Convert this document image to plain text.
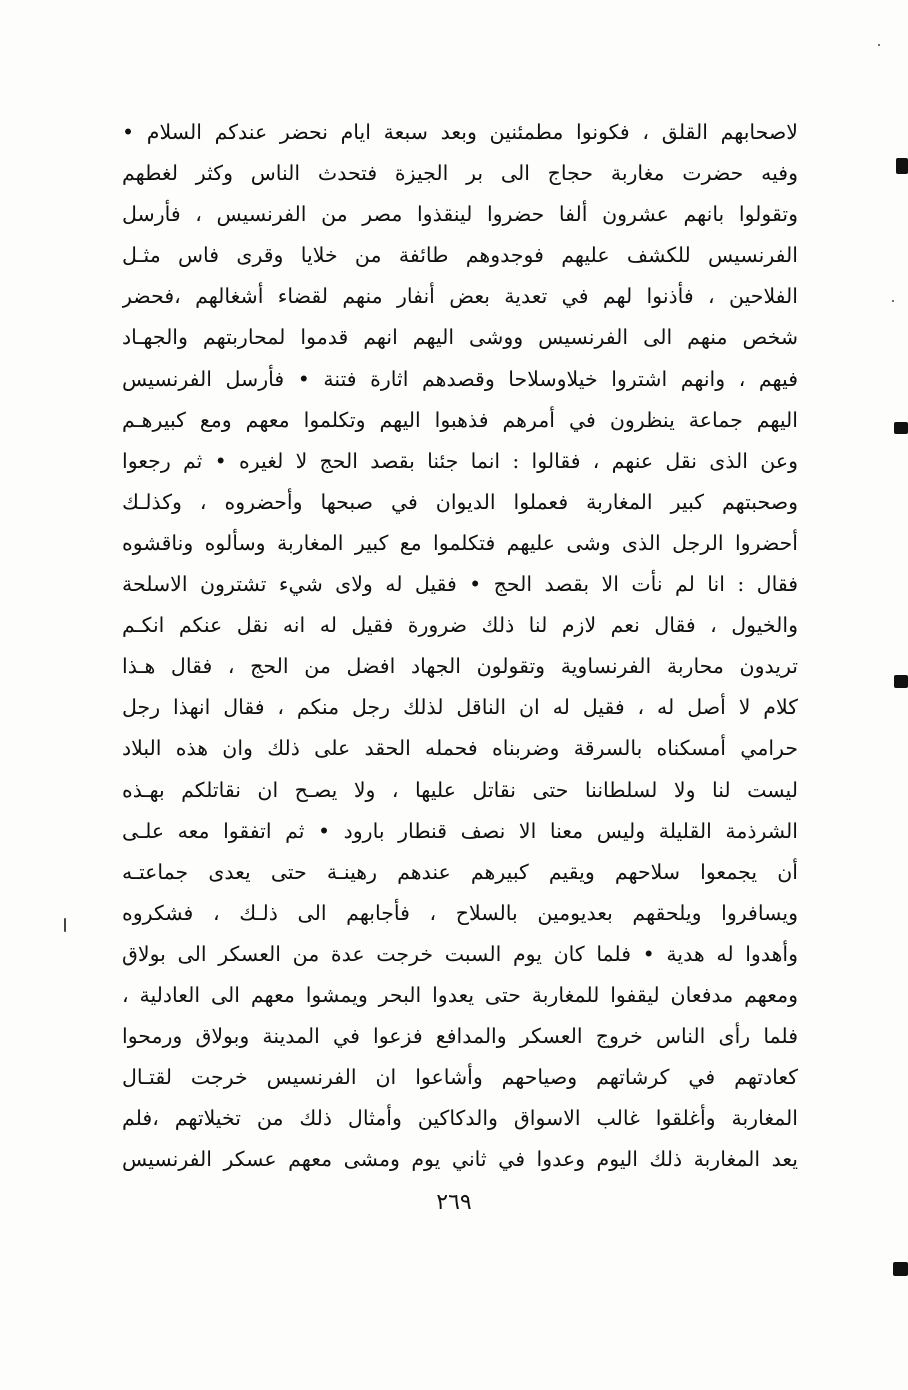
لاصحابهم القلق ، فكونوا مطمئنين وبعد سبعة ايام نحضر عندكم السلام •
وفيه حضرت مغاربة حجاج الى بر الجيزة فتحدث الناس وكثر لغطهم
وتقولوا بانهم عشرون ألفا حضروا لينقذوا مصر من الفرنسيس ، فأرسل
الفرنسيس للكشف عليهم فوجدوهم طائفة من خلايا وقرى فاس مثـل
الفلاحين ، فأذنوا لهم في تعدية بعض أنفار منهم لقضاء أشغالهم ،فحضر
شخص منهم الى الفرنسيس ووشى اليهم انهم قدموا لمحاربتهم والجهـاد
فيهم ، وانهم اشتروا خيلاوسلاحا وقصدهم اثارة فتنة • فأرسل الفرنسيس
اليهم جماعة ينظرون في أمرهم فذهبوا اليهم وتكلموا معهم ومع كبيرهـم
وعن الذى نقل عنهم ، فقالوا : انما جئنا بقصد الحج لا لغيره • ثم رجعوا
وصحبتهم كبير المغاربة فعملوا الديوان في صبحها وأحضروه ، وكذلـك
أحضروا الرجل الذى وشى عليهم فتكلموا مع كبير المغاربة وسألوه وناقشوه
فقال : انا لم نأت الا بقصد الحج • فقيل له ولاى شيء تشترون الاسلحة
والخيول ، فقال نعم لازم لنا ذلك ضرورة فقيل له انه نقل عنكم انكـم
تريدون محاربة الفرنساوية وتقولون الجهاد افضل من الحج ، فقال هـذا
كلام لا أصل له ، فقيل له ان الناقل لذلك رجل منكم ، فقال انهذا رجل
حرامي أمسكناه بالسرقة وضربناه فحمله الحقد على ذلك وان هذه البلاد
ليست لنا ولا لسلطاننا حتى نقاتل عليها ، ولا يصـح ان نقاتلكم بهـذه
الشرذمة القليلة وليس معنا الا نصف قنطار بارود • ثم اتفقوا معه علـى
أن يجمعوا سلاحهم ويقيم كبيرهم عندهم رهينـة حتى يعدى جماعتـه
ويسافروا ويلحقهم بعديومين بالسلاح ، فأجابهم الى ذلـك ، فشكروه
وأهدوا له هدية • فلما كان يوم السبت خرجت عدة من العسكر الى بولاق
ومعهم مدفعان ليقفوا للمغاربة حتى يعدوا البحر ويمشوا معهم الى العادلية ،
فلما رأى الناس خروج العسكر والمدافع فزعوا في المدينة وبولاق ورمحوا
كعادتهم في كرشاتهم وصياحهم وأشاعوا ان الفرنسيس خرجت لقتـال
المغاربة وأغلقوا غالب الاسواق والدكاكين وأمثال ذلك من تخيلاتهم ،فلم
يعد المغاربة ذلك اليوم وعدوا في ثاني يوم ومشى معهم عسكر الفرنسيس
٢٦٩
